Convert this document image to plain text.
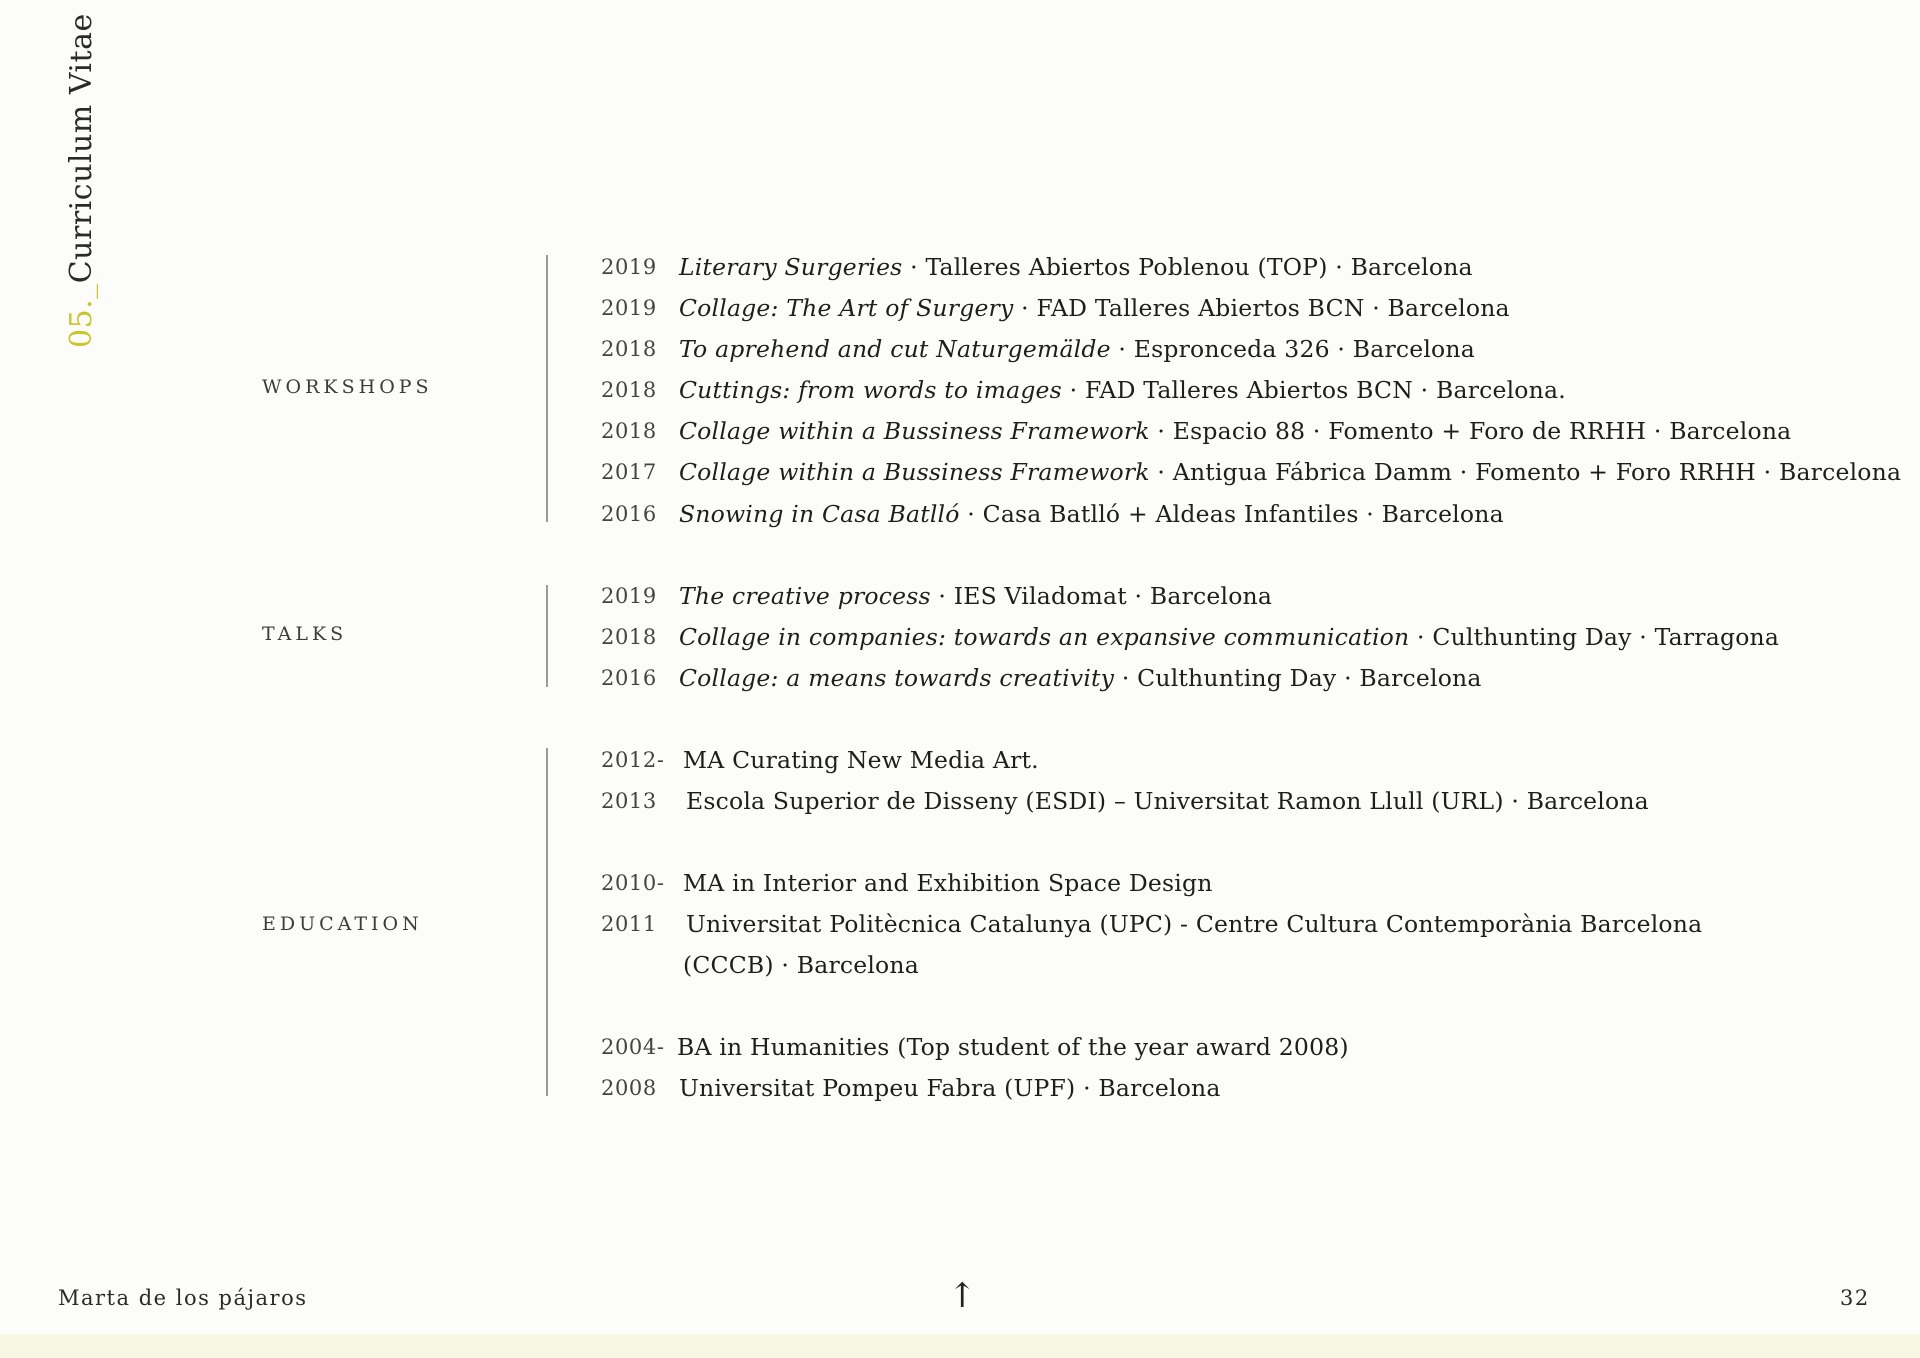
05._Curriculum Vitae
WORKSHOPS
2019 Literary Surgeries · Talleres Abiertos Poblenou (TOP) · Barcelona
2019 Collage: The Art of Surgery · FAD Talleres Abiertos BCN · Barcelona
2018 To aprehend and cut Naturgemälde · Espronceda 326 · Barcelona
2018 Cuttings: from words to images · FAD Talleres Abiertos BCN · Barcelona.
2018 Collage within a Bussiness Framework · Espacio 88 · Fomento + Foro de RRHH · Barcelona
2017 Collage within a Bussiness Framework · Antigua Fábrica Damm · Fomento + Foro RRHH · Barcelona
2016 Snowing in Casa Batlló · Casa Batlló + Aldeas Infantiles · Barcelona
TALKS
2019 The creative process · IES Viladomat · Barcelona
2018 Collage in companies: towards an expansive communication · Culthunting Day · Tarragona
2016 Collage: a means towards creativity · Culthunting Day · Barcelona
EDUCATION
2012- MA Curating New Media Art.
2013 Escola Superior de Disseny (ESDI) – Universitat Ramon Llull (URL) · Barcelona
2010- MA in Interior and Exhibition Space Design
2011 Universitat Politècnica Catalunya (UPC) - Centre Cultura Contemporània Barcelona
(CCCB) · Barcelona
2004- BA in Humanities (Top student of the year award 2008)
2008 Universitat Pompeu Fabra (UPF) · Barcelona
Marta de los pájaros	↑	32
